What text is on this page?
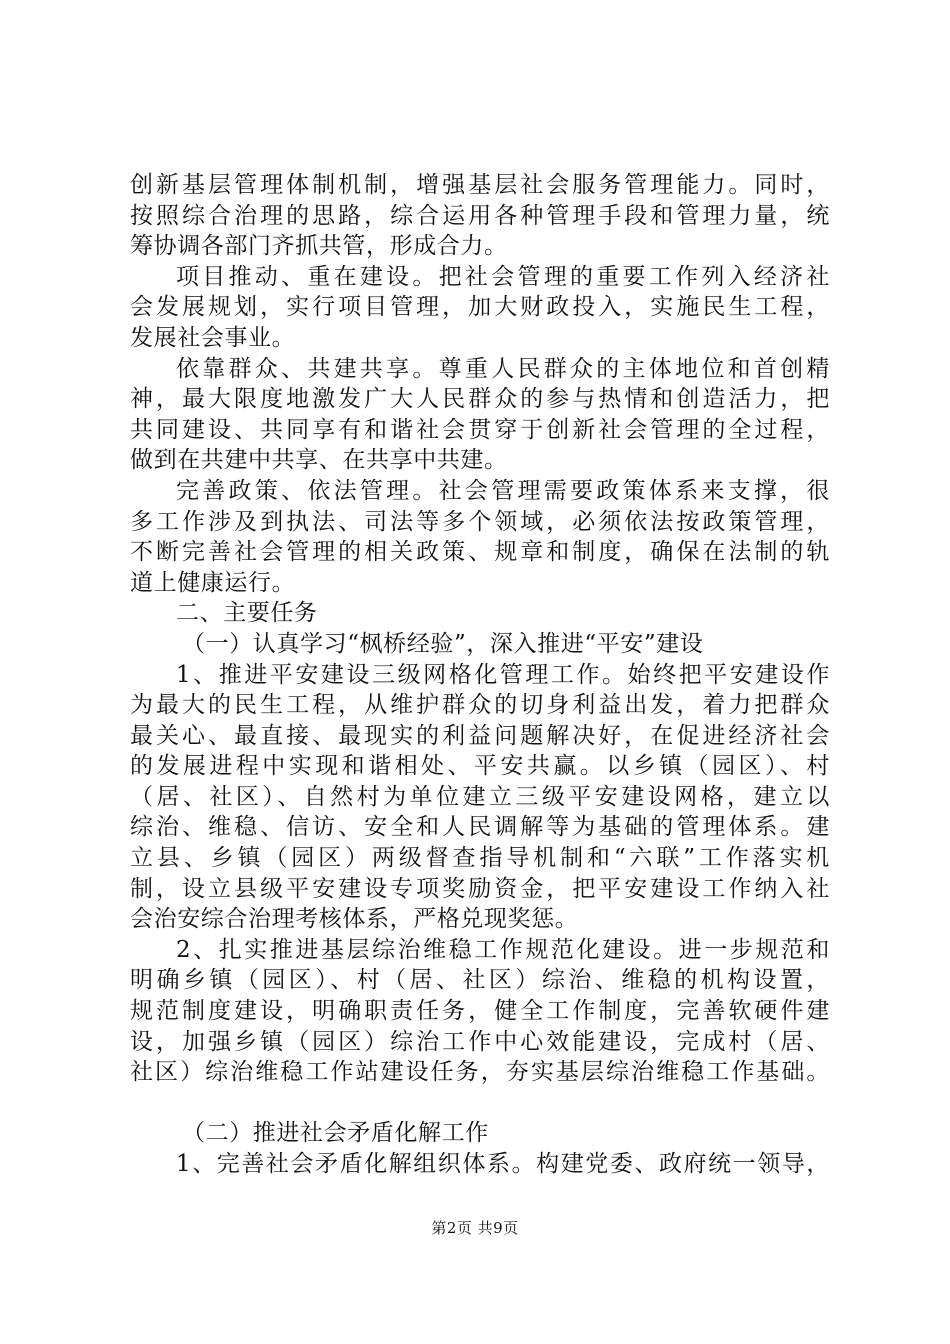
创新基层管理体制机制，增强基层社会服务管理能力。同时，
按照综合治理的思路，综合运用各种管理手段和管理力量，统
筹协调各部门齐抓共管，形成合力。
项目推动、重在建设。把社会管理的重要工作列入经济社
会发展规划，实行项目管理，加大财政投入，实施民生工程，
发展社会事业。
依靠群众、共建共享。尊重人民群众的主体地位和首创精
神，最大限度地激发广大人民群众的参与热情和创造活力，把
共同建设、共同享有和谐社会贯穿于创新社会管理的全过程，
做到在共建中共享、在共享中共建。
完善政策、依法管理。社会管理需要政策体系来支撑，很
多工作涉及到执法、司法等多个领域，必须依法按政策管理，
不断完善社会管理的相关政策、规章和制度，确保在法制的轨
道上健康运行。
二、主要任务
（一）认真学习“枫桥经验”，深入推进“平安”建设
1、推进平安建设三级网格化管理工作。始终把平安建设作
为最大的民生工程，从维护群众的切身利益出发，着力把群众
最关心、最直接、最现实的利益问题解决好，在促进经济社会
的发展进程中实现和谐相处、平安共赢。以乡镇（园区）、村
（居、社区）、自然村为单位建立三级平安建设网格，建立以
综治、维稳、信访、安全和人民调解等为基础的管理体系。建
立县、乡镇（园区）两级督查指导机制和“六联”工作落实机
制，设立县级平安建设专项奖励资金，把平安建设工作纳入社
会治安综合治理考核体系，严格兑现奖惩。
2、扎实推进基层综治维稳工作规范化建设。进一步规范和
明确乡镇（园区）、村（居、社区）综治、维稳的机构设置，
规范制度建设，明确职责任务，健全工作制度，完善软硬件建
设，加强乡镇（园区）综治工作中心效能建设，完成村（居、
社区）综治维稳工作站建设任务，夯实基层综治维稳工作基础。
（二）推进社会矛盾化解工作
1、完善社会矛盾化解组织体系。构建党委、政府统一领导，
第2页 共9页
